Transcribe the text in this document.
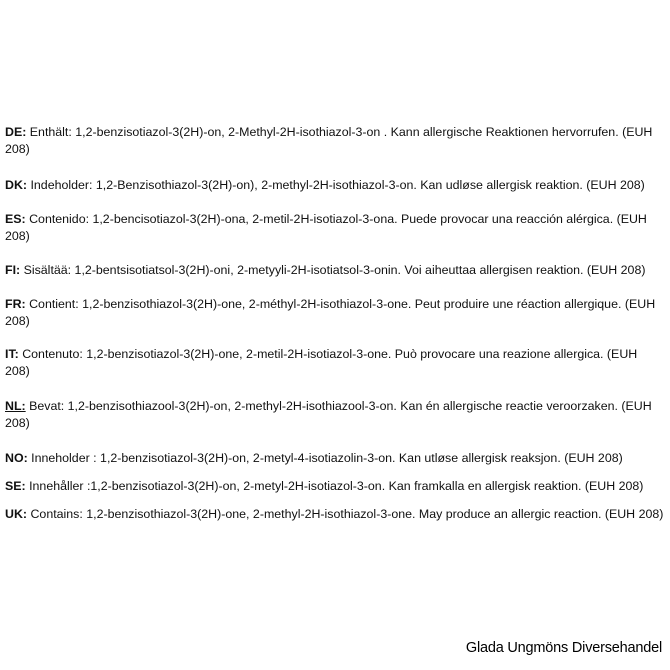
DE: Enthält: 1,2-benzisotiazol-3(2H)-on, 2-Methyl-2H-isothiazol-3-on . Kann allergische Reaktionen hervorrufen. (EUH 208)

DK: Indeholder: 1,2-Benzisothiazol-3(2H)-on), 2-methyl-2H-isothiazol-3-on. Kan udløse allergisk reaktion. (EUH 208)

ES: Contenido: 1,2-bencisotiazol-3(2H)-ona, 2-metil-2H-isotiazol-3-ona. Puede provocar una reacción alérgica. (EUH 208)

FI: Sisältää: 1,2-bentsisotiatsol-3(2H)-oni, 2-metyyli-2H-isotiatsol-3-onin. Voi aiheuttaa allergisen reaktion. (EUH 208)

FR: Contient: 1,2-benzisothiazol-3(2H)-one, 2-méthyl-2H-isothiazol-3-one. Peut produire une réaction allergique. (EUH 208)

IT: Contenuto: 1,2-benzisotiazol-3(2H)-one, 2-metil-2H-isotiazol-3-one. Può provocare una reazione allergica. (EUH 208)

NL: Bevat: 1,2-benzisothiazool-3(2H)-on, 2-methyl-2H-isothiazool-3-on. Kan én allergische reactie veroorzaken. (EUH 208)

NO: Inneholder : 1,2-benzisotiazol-3(2H)-on, 2-metyl-4-isotiazolin-3-on. Kan utløse allergisk reaksjon. (EUH 208)

SE: Innehåller :1,2-benzisotiazol-3(2H)-on, 2-metyl-2H-isotiazol-3-on. Kan framkalla en allergisk reaktion. (EUH 208)

UK: Contains: 1,2-benzisothiazol-3(2H)-one, 2-methyl-2H-isothiazol-3-one. May produce an allergic reaction. (EUH 208)

Glada Ungmöns Diversehandel
